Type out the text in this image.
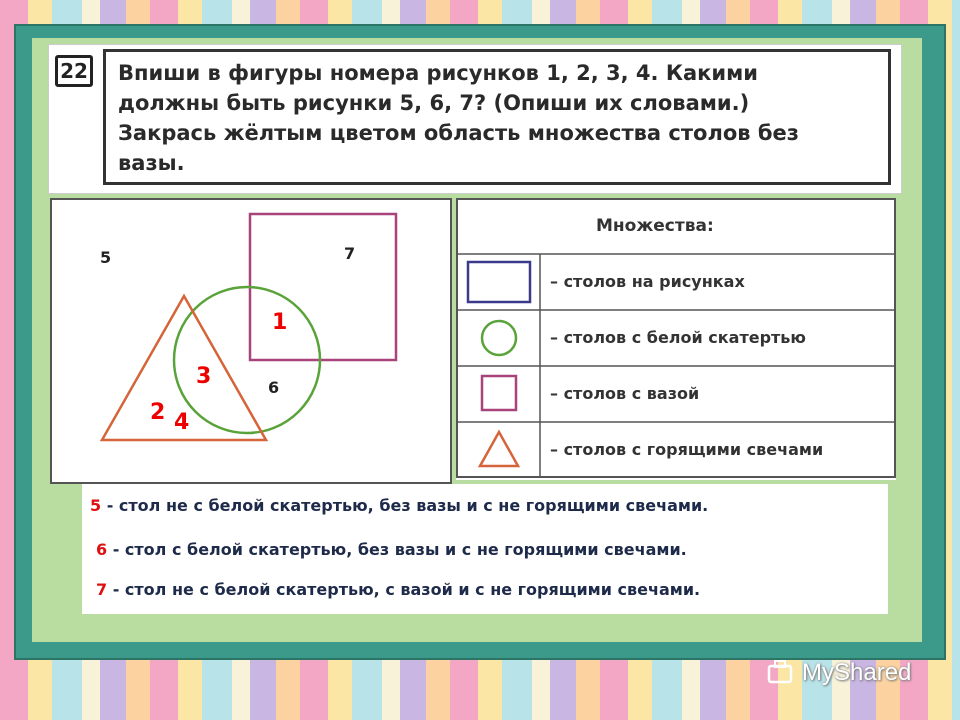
22 Впиши в фигуры номера рисунков 1, 2, 3, 4. Какими
должны быть рисунки 5, 6, 7? (Опиши их словами.)
Закрась жёлтым цветом область множества столов без
вазы.
5	7
6
1
3
2 4
Множества:
– столов на рисунках
– столов с белой скатертью
– столов с вазой
– столов с горящими свечами
5 - стол не с белой скатертью, без вазы и с не горящими свечами.
6 - стол с белой скатертью, без вазы и с не горящими свечами.
7 - стол не с белой скатертью, с вазой и с не горящими свечами.
MyShared
